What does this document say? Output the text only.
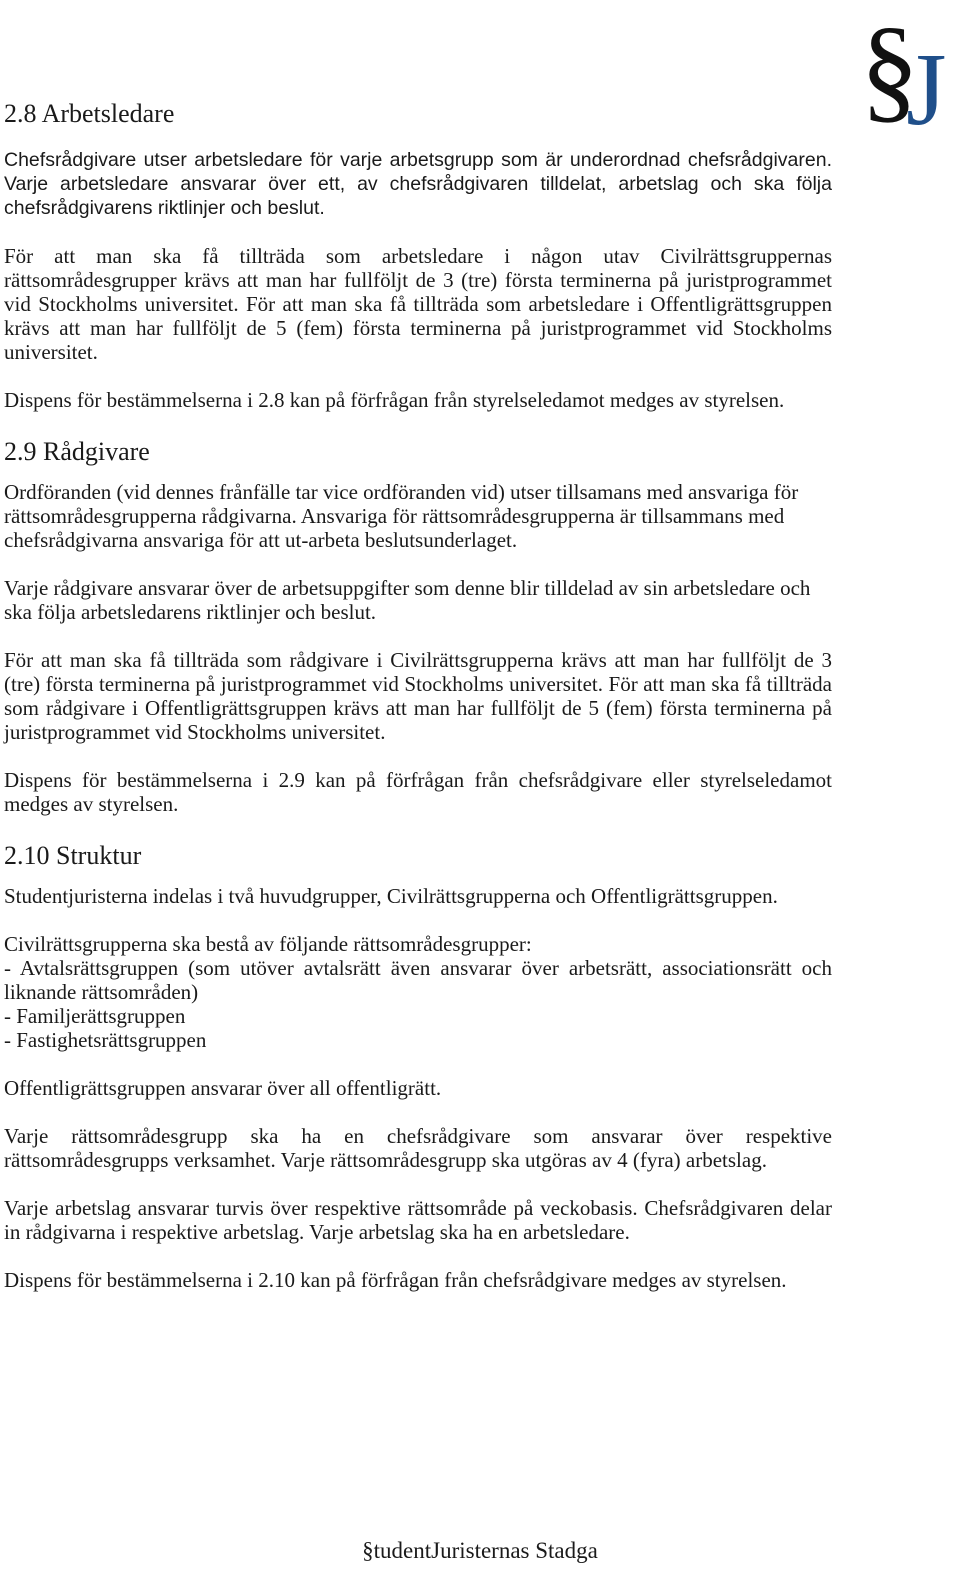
§
J
2.8 Arbetsledare

Chefsrådgivare utser arbetsledare för varje arbetsgrupp som är underordnad chefsrådgivaren. Varje arbetsledare ansvarar över ett, av chefsrådgivaren tilldelat, arbetslag och ska följa chefsrådgivarens riktlinjer och beslut.

För att man ska få tillträda som arbetsledare i någon utav Civilrättsgruppernas rättsområdesgrupper krävs att man har fullföljt de 3 (tre) första terminerna på juristprogrammet vid Stockholms universitet. För att man ska få tillträda som arbetsledare i Offentligrättsgruppen krävs att man har fullföljt de 5 (fem) första terminerna på juristprogrammet vid Stockholms universitet.

Dispens för bestämmelserna i 2.8 kan på förfrågan från styrelseledamot medges av styrelsen.

2.9 Rådgivare

Ordföranden (vid dennes frånfälle tar vice ordföranden vid) utser tillsamans med ansvariga för rättsområdesgrupperna rådgivarna. Ansvariga för rättsområdesgrupperna är tillsammans med chefsrådgivarna ansvariga för att ut-arbeta beslutsunderlaget.

Varje rådgivare ansvarar över de arbetsuppgifter som denne blir tilldelad av sin arbetsledare och ska följa arbetsledarens riktlinjer och beslut.

För att man ska få tillträda som rådgivare i Civilrättsgrupperna krävs att man har fullföljt de 3 (tre) första terminerna på juristprogrammet vid Stockholms universitet. För att man ska få tillträda som rådgivare i Offentligrättsgruppen krävs att man har fullföljt de 5 (fem) första terminerna på juristprogrammet vid Stockholms universitet.

Dispens för bestämmelserna i 2.9 kan på förfrågan från chefsrådgivare eller styrelseledamot medges av styrelsen.

2.10 Struktur

Studentjuristerna indelas i två huvudgrupper, Civilrättsgrupperna och Offentligrättsgruppen.

Civilrättsgrupperna ska bestå av följande rättsområdesgrupper:
- Avtalsrättsgruppen (som utöver avtalsrätt även ansvarar över arbetsrätt, associationsrätt och liknande rättsområden)
- Familjerättsgruppen
- Fastighetsrättsgruppen

Offentligrättsgruppen ansvarar över all offentligrätt.

Varje rättsområdesgrupp ska ha en chefsrådgivare som ansvarar över respektive rättsområdesgrupps verksamhet. Varje rättsområdesgrupp ska utgöras av 4 (fyra) arbetslag.

Varje arbetslag ansvarar turvis över respektive rättsområde på veckobasis. Chefsrådgivaren delar in rådgivarna i respektive arbetslag. Varje arbetslag ska ha en arbetsledare.

Dispens för bestämmelserna i 2.10 kan på förfrågan från chefsrådgivare medges av styrelsen.

§tudentJuristernas Stadga
